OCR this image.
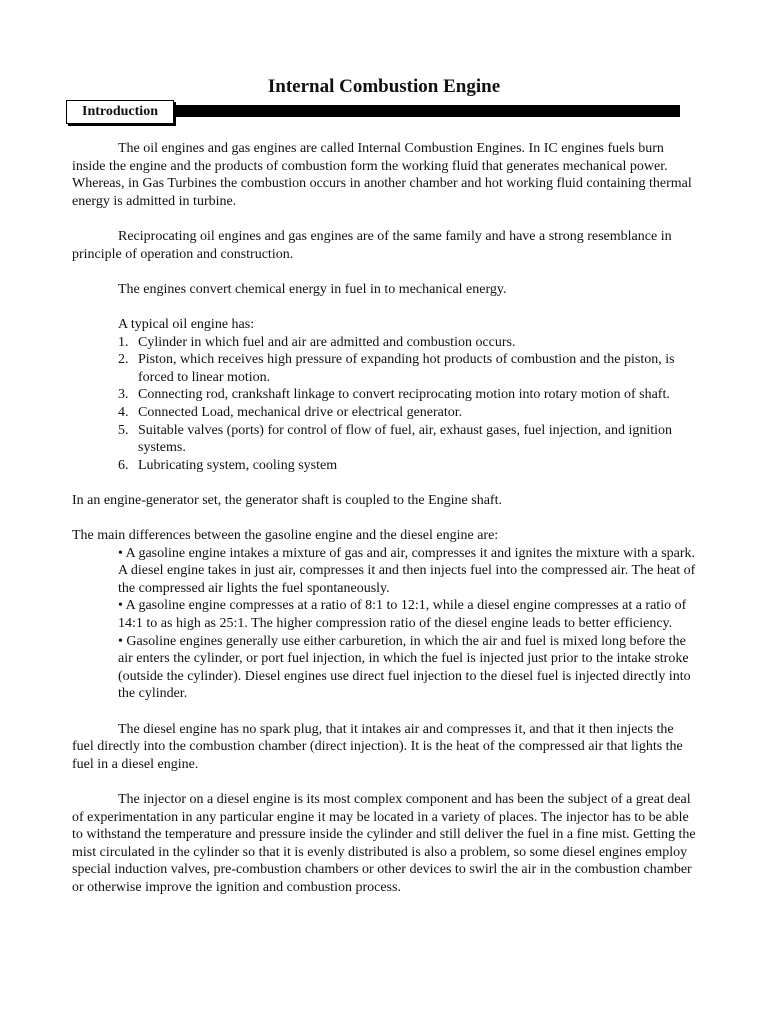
Internal Combustion Engine
Introduction

The oil engines and gas engines are called Internal Combustion Engines. In IC engines fuels burn inside the engine and the products of combustion form the working fluid that generates mechanical power. Whereas, in Gas Turbines the combustion occurs in another chamber and hot working fluid containing thermal energy is admitted in turbine.

Reciprocating oil engines and gas engines are of the same family and have a strong resemblance in principle of operation and construction.

The engines convert chemical energy in fuel in to mechanical energy.

A typical oil engine has:

1. Cylinder in which fuel and air are admitted and combustion occurs.
2. Piston, which receives high pressure of expanding hot products of combustion and the piston, is forced to linear motion.
3. Connecting rod, crankshaft linkage to convert reciprocating motion into rotary motion of shaft.
4. Connected Load, mechanical drive or electrical generator.
5. Suitable valves (ports) for control of flow of fuel, air, exhaust gases, fuel injection, and ignition systems.
6. Lubricating system, cooling system

In an engine-generator set, the generator shaft is coupled to the Engine shaft.

The main differences between the gasoline engine and the diesel engine are:

• A gasoline engine intakes a mixture of gas and air, compresses it and ignites the mixture with a spark. A diesel engine takes in just air, compresses it and then injects fuel into the compressed air. The heat of the compressed air lights the fuel spontaneously.

• A gasoline engine compresses at a ratio of 8:1 to 12:1, while a diesel engine compresses at a ratio of 14:1 to as high as 25:1. The higher compression ratio of the diesel engine leads to better efficiency.

• Gasoline engines generally use either carburetion, in which the air and fuel is mixed long before the air enters the cylinder, or port fuel injection, in which the fuel is injected just prior to the intake stroke (outside the cylinder). Diesel engines use direct fuel injection to the diesel fuel is injected directly into the cylinder.

The diesel engine has no spark plug, that it intakes air and compresses it, and that it then injects the fuel directly into the combustion chamber (direct injection). It is the heat of the compressed air that lights the fuel in a diesel engine.

The injector on a diesel engine is its most complex component and has been the subject of a great deal of experimentation in any particular engine it may be located in a variety of places. The injector has to be able to withstand the temperature and pressure inside the cylinder and still deliver the fuel in a fine mist. Getting the mist circulated in the cylinder so that it is evenly distributed is also a problem, so some diesel engines employ special induction valves, pre-combustion chambers or other devices to swirl the air in the combustion chamber or otherwise improve the ignition and combustion process.
